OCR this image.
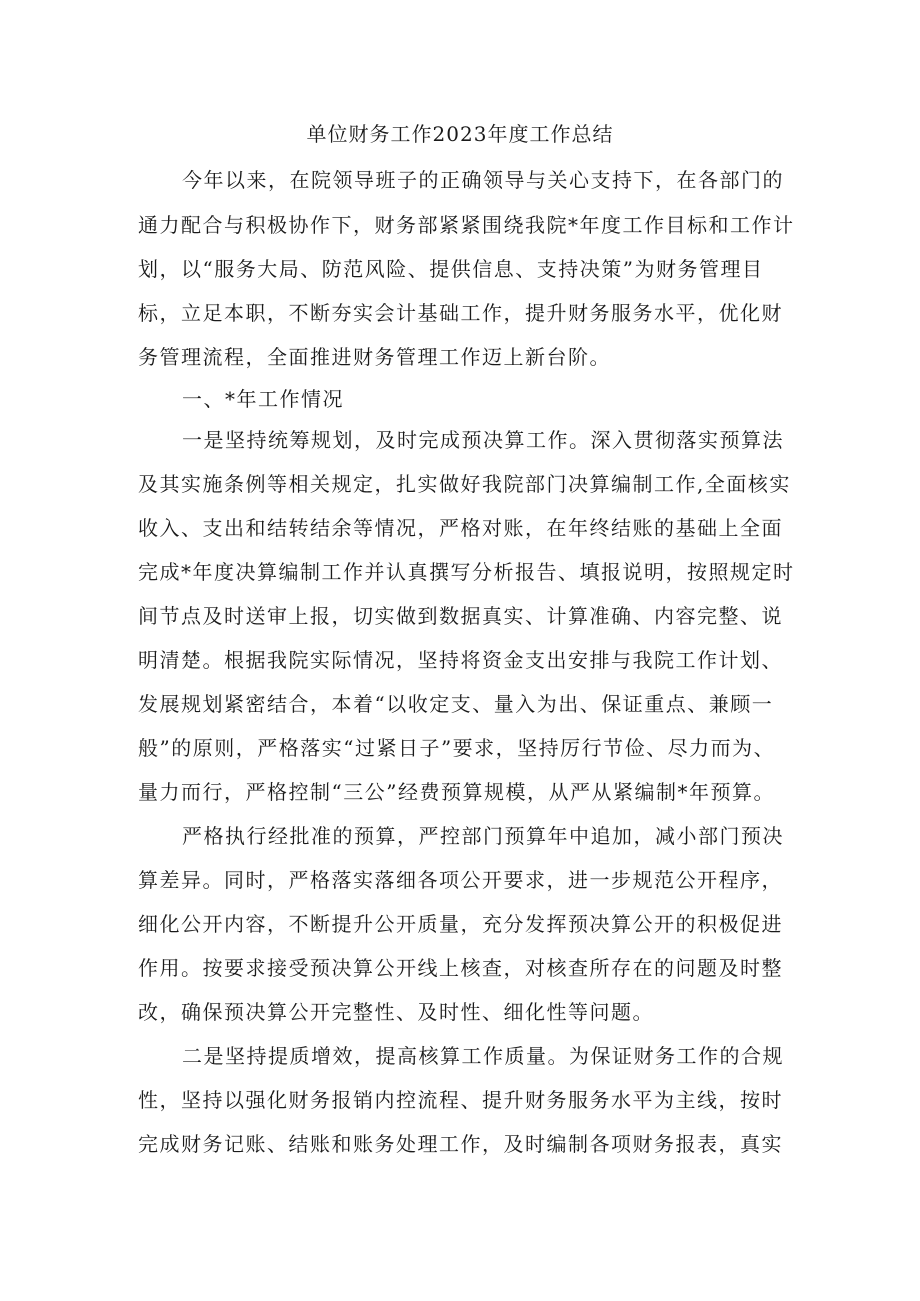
单位财务工作2023年度工作总结
今年以来，在院领导班子的正确领导与关心支持下，在各部门的
通力配合与积极协作下，财务部紧紧围绕我院*年度工作目标和工作计
划，以“服务大局、防范风险、提供信息、支持决策”为财务管理目
标，立足本职，不断夯实会计基础工作，提升财务服务水平，优化财
务管理流程，全面推进财务管理工作迈上新台阶。
一、*年工作情况
一是坚持统筹规划，及时完成预决算工作。深入贯彻落实预算法
及其实施条例等相关规定，扎实做好我院部门决算编制工作,全面核实
收入、支出和结转结余等情况，严格对账，在年终结账的基础上全面
完成*年度决算编制工作并认真撰写分析报告、填报说明，按照规定时
间节点及时送审上报，切实做到数据真实、计算准确、内容完整、说
明清楚。根据我院实际情况，坚持将资金支出安排与我院工作计划、
发展规划紧密结合，本着“以收定支、量入为出、保证重点、兼顾一
般”的原则，严格落实“过紧日子”要求，坚持厉行节俭、尽力而为、
量力而行，严格控制“三公”经费预算规模，从严从紧编制*年预算。
严格执行经批准的预算，严控部门预算年中追加，减小部门预决
算差异。同时，严格落实落细各项公开要求，进一步规范公开程序，
细化公开内容，不断提升公开质量，充分发挥预决算公开的积极促进
作用。按要求接受预决算公开线上核查，对核查所存在的问题及时整
改，确保预决算公开完整性、及时性、细化性等问题。
二是坚持提质增效，提高核算工作质量。为保证财务工作的合规
性，坚持以强化财务报销内控流程、提升财务服务水平为主线，按时
完成财务记账、结账和账务处理工作，及时编制各项财务报表，真实
